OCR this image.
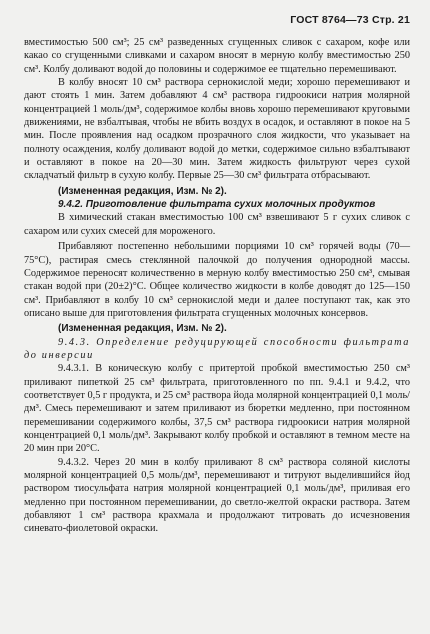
ГОСТ 8764—73 Стр. 21

вместимостью 500 см³; 25 см³ разведенных сгущенных сливок с сахаром, кофе или какао со сгущенными сливками и сахаром вносят в мерную колбу вместимостью 250 см³. Колбу доливают водой до половины и содержимое ее тщательно перемешивают.

В колбу вносят 10 см³ раствора сернокислой меди; хорошо перемешивают и дают стоять 1 мин. Затем добавляют 4 см³ раствора гидроокиси натрия молярной концентрацией 1 моль/дм³, содержимое колбы вновь хорошо перемешивают круговыми движениями, не взбалтывая, чтобы не вбить воздух в осадок, и оставляют в покое на 5 мин. После проявления над осадком прозрачного слоя жидкости, что указывает на полноту осаждения, колбу доливают водой до метки, содержимое сильно взбалтывают и оставляют в покое на 20—30 мин. Затем жидкость фильтруют через сухой складчатый фильтр в сухую колбу. Первые 25—30 см³ фильтрата отбрасывают.

(Измененная редакция, Изм. № 2).

9.4.2. Приготовление фильтрата сухих молочных продуктов

В химический стакан вместимостью 100 см³ взвешивают 5 г сухих сливок с сахаром или сухих смесей для мороженого.

Прибавляют постепенно небольшими порциями 10 см³ горячей воды (70—75°С), растирая смесь стеклянной палочкой до получения однородной массы. Содержимое переносят количественно в мерную колбу вместимостью 250 см³, смывая стакан водой при (20±2)°С. Общее количество жидкости в колбе доводят до 125—150 см³. Прибавляют в колбу 10 см³ сернокислой меди и далее поступают так, как это описано выше для приготовления фильтрата сгущенных молочных консервов.

(Измененная редакция, Изм. № 2).

9.4.3. Определение редуцирующей способности фильтрата до инверсии

9.4.3.1. В коническую колбу с притертой пробкой вместимостью 250 см³ приливают пипеткой 25 см³ фильтрата, приготовленного по пп. 9.4.1 и 9.4.2, что соответствует 0,5 г продукта, и 25 см³ раствора йода молярной концентрацией 0,1 моль/дм³. Смесь перемешивают и затем приливают из бюретки медленно, при постоянном перемешивании содержимого колбы, 37,5 см³ раствора гидроокиси натрия молярной концентрацией 0,1 моль/дм³. Закрывают колбу пробкой и оставляют в темном месте на 20 мин при 20°С.

9.4.3.2. Через 20 мин в колбу приливают 8 см³ раствора соляной кислоты молярной концентрацией 0,5 моль/дм³, перемешивают и титруют выделившийся йод раствором тиосульфата натрия молярной концентрацией 0,1 моль/дм³, приливая его медленно при постоянном перемешивании, до светло-желтой окраски раствора. Затем добавляют 1 см³ раствора крахмала и продолжают титровать до исчезновения синевато-фиолетовой окраски.
